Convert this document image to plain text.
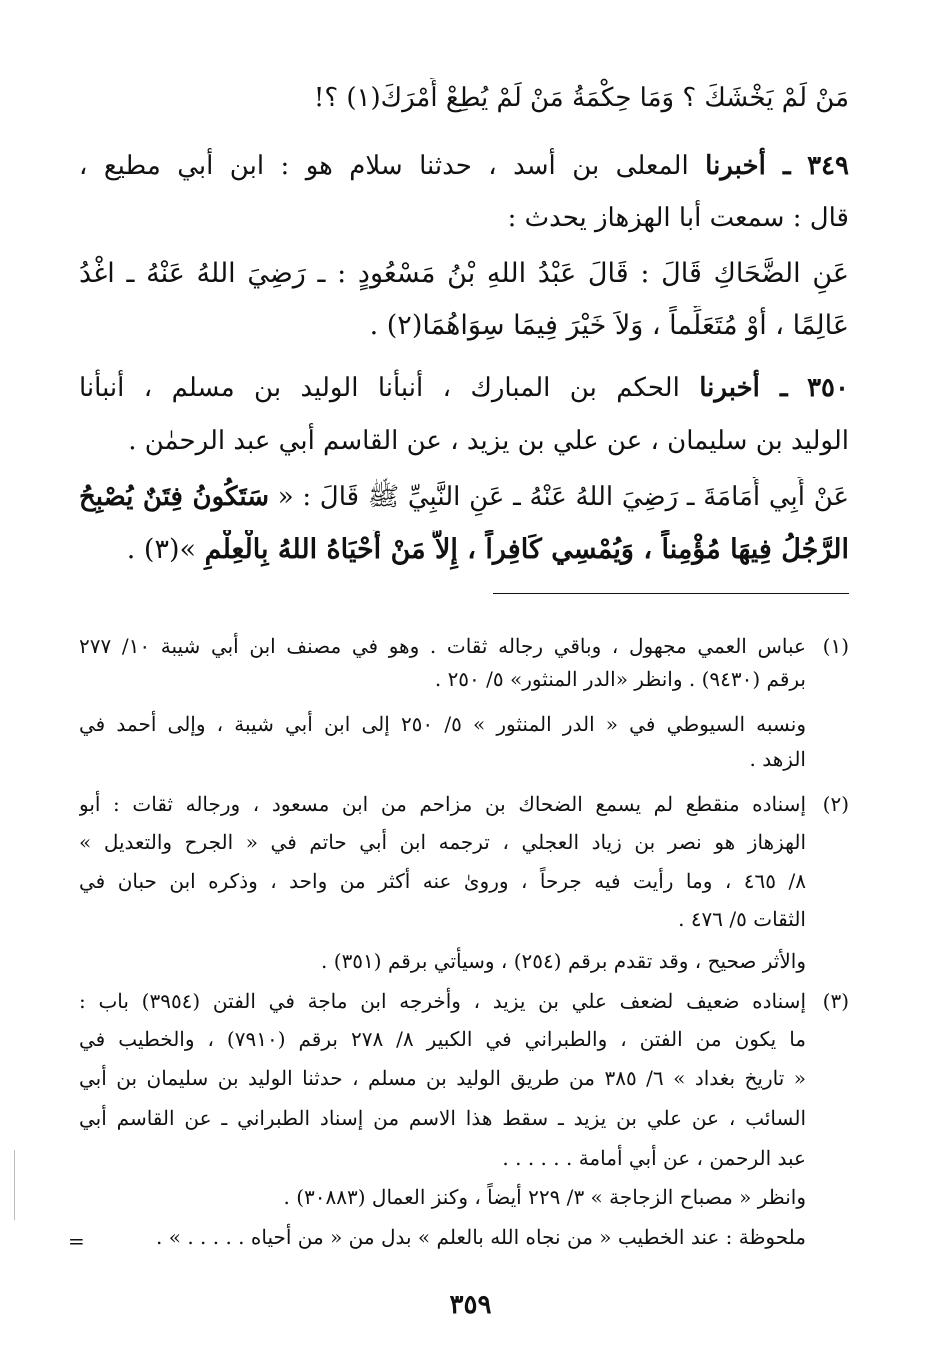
مَنْ لَمْ يَخْشَكَ ؟ وَمَا حِكْمَةُ مَنْ لَمْ يُطِعْ أَمْرَكَ(١) ؟!
٣٤٩ ـ أخبرنا المعلى بن أسد ، حدثنا سلام هو : ابن أبي مطيع ،
قال : سمعت أبا الهزهاز يحدث :
عَنِ الضَّحَاكِ قَالَ : قَالَ عَبْدُ اللهِ بْنُ مَسْعُودٍ : ـ رَضِيَ اللهُ عَنْهُ ـ اغْدُ
عَالِمًا ، أَوْ مُتَعَلِّماً ، وَلاَ خَيْرَ فِيمَا سِوَاهُمَا(٢) .
٣٥٠ ـ أخبرنا الحكم بن المبارك ، أنبأنا الوليد بن مسلم ، أنبأنا
الوليد بن سليمان ، عن علي بن يزيد ، عن القاسم أبي عبد الرحمٰن .
عَنْ أَبِي أُمَامَةَ ـ رَضِيَ اللهُ عَنْهُ ـ عَنِ النَّبِيِّ ﷺ قَالَ : « سَتَكُونُ فِتَنٌ يُصْبِحُ
الرَّجُلُ فِيهَا مُؤْمِناً ، وَيُمْسِي كَافِراً ، إِلاَّ مَنْ أَحْيَاهُ اللهُ بِالْعِلْمِ »(٣) .
(١)
عباس العمي مجهول ، وباقي رجاله ثقات . وهو في مصنف ابن أبي شيبة ١٠/ ٢٧٧
برقم (٩٤٣٠) . وانظر «الدر المنثور» ٥/ ٢٥٠ .
ونسبه السيوطي في « الدر المنثور » ٥/ ٢٥٠ إلى ابن أبي شيبة ، وإلى أحمد في
الزهد .
(٢)
إسناده منقطع لم يسمع الضحاك بن مزاحم من ابن مسعود ، ورجاله ثقات : أبو
الهزهاز هو نصر بن زياد العجلي ، ترجمه ابن أبي حاتم في « الجرح والتعديل »
٨/ ٤٦٥ ، وما رأيت فيه جرحاً ، وروىٰ عنه أكثر من واحد ، وذكره ابن حبان في
الثقات ٥/ ٤٧٦ .
والأثر صحيح ، وقد تقدم برقم (٢٥٤) ، وسيأتي برقم (٣٥١) .
(٣)
إسناده ضعيف لضعف علي بن يزيد ، وأخرجه ابن ماجة في الفتن (٣٩٥٤) باب :
ما يكون من الفتن ، والطبراني في الكبير ٨/ ٢٧٨ برقم (٧٩١٠) ، والخطيب في
« تاريخ بغداد » ٦/ ٣٨٥ من طريق الوليد بن مسلم ، حدثنا الوليد بن سليمان بن أبي
السائب ، عن علي بن يزيد ـ سقط هذا الاسم من إسناد الطبراني ـ عن القاسم أبي
عبد الرحمن ، عن أبي أمامة . . . . . .
وانظر « مصباح الزجاجة » ٣/ ٢٢٩ أيضاً ، وكنز العمال (٣٠٨٨٣) .
ملحوظة : عند الخطيب « من نجاه الله بالعلم » بدل من « من أحياه . . . . . » .
=
٣٥٩
